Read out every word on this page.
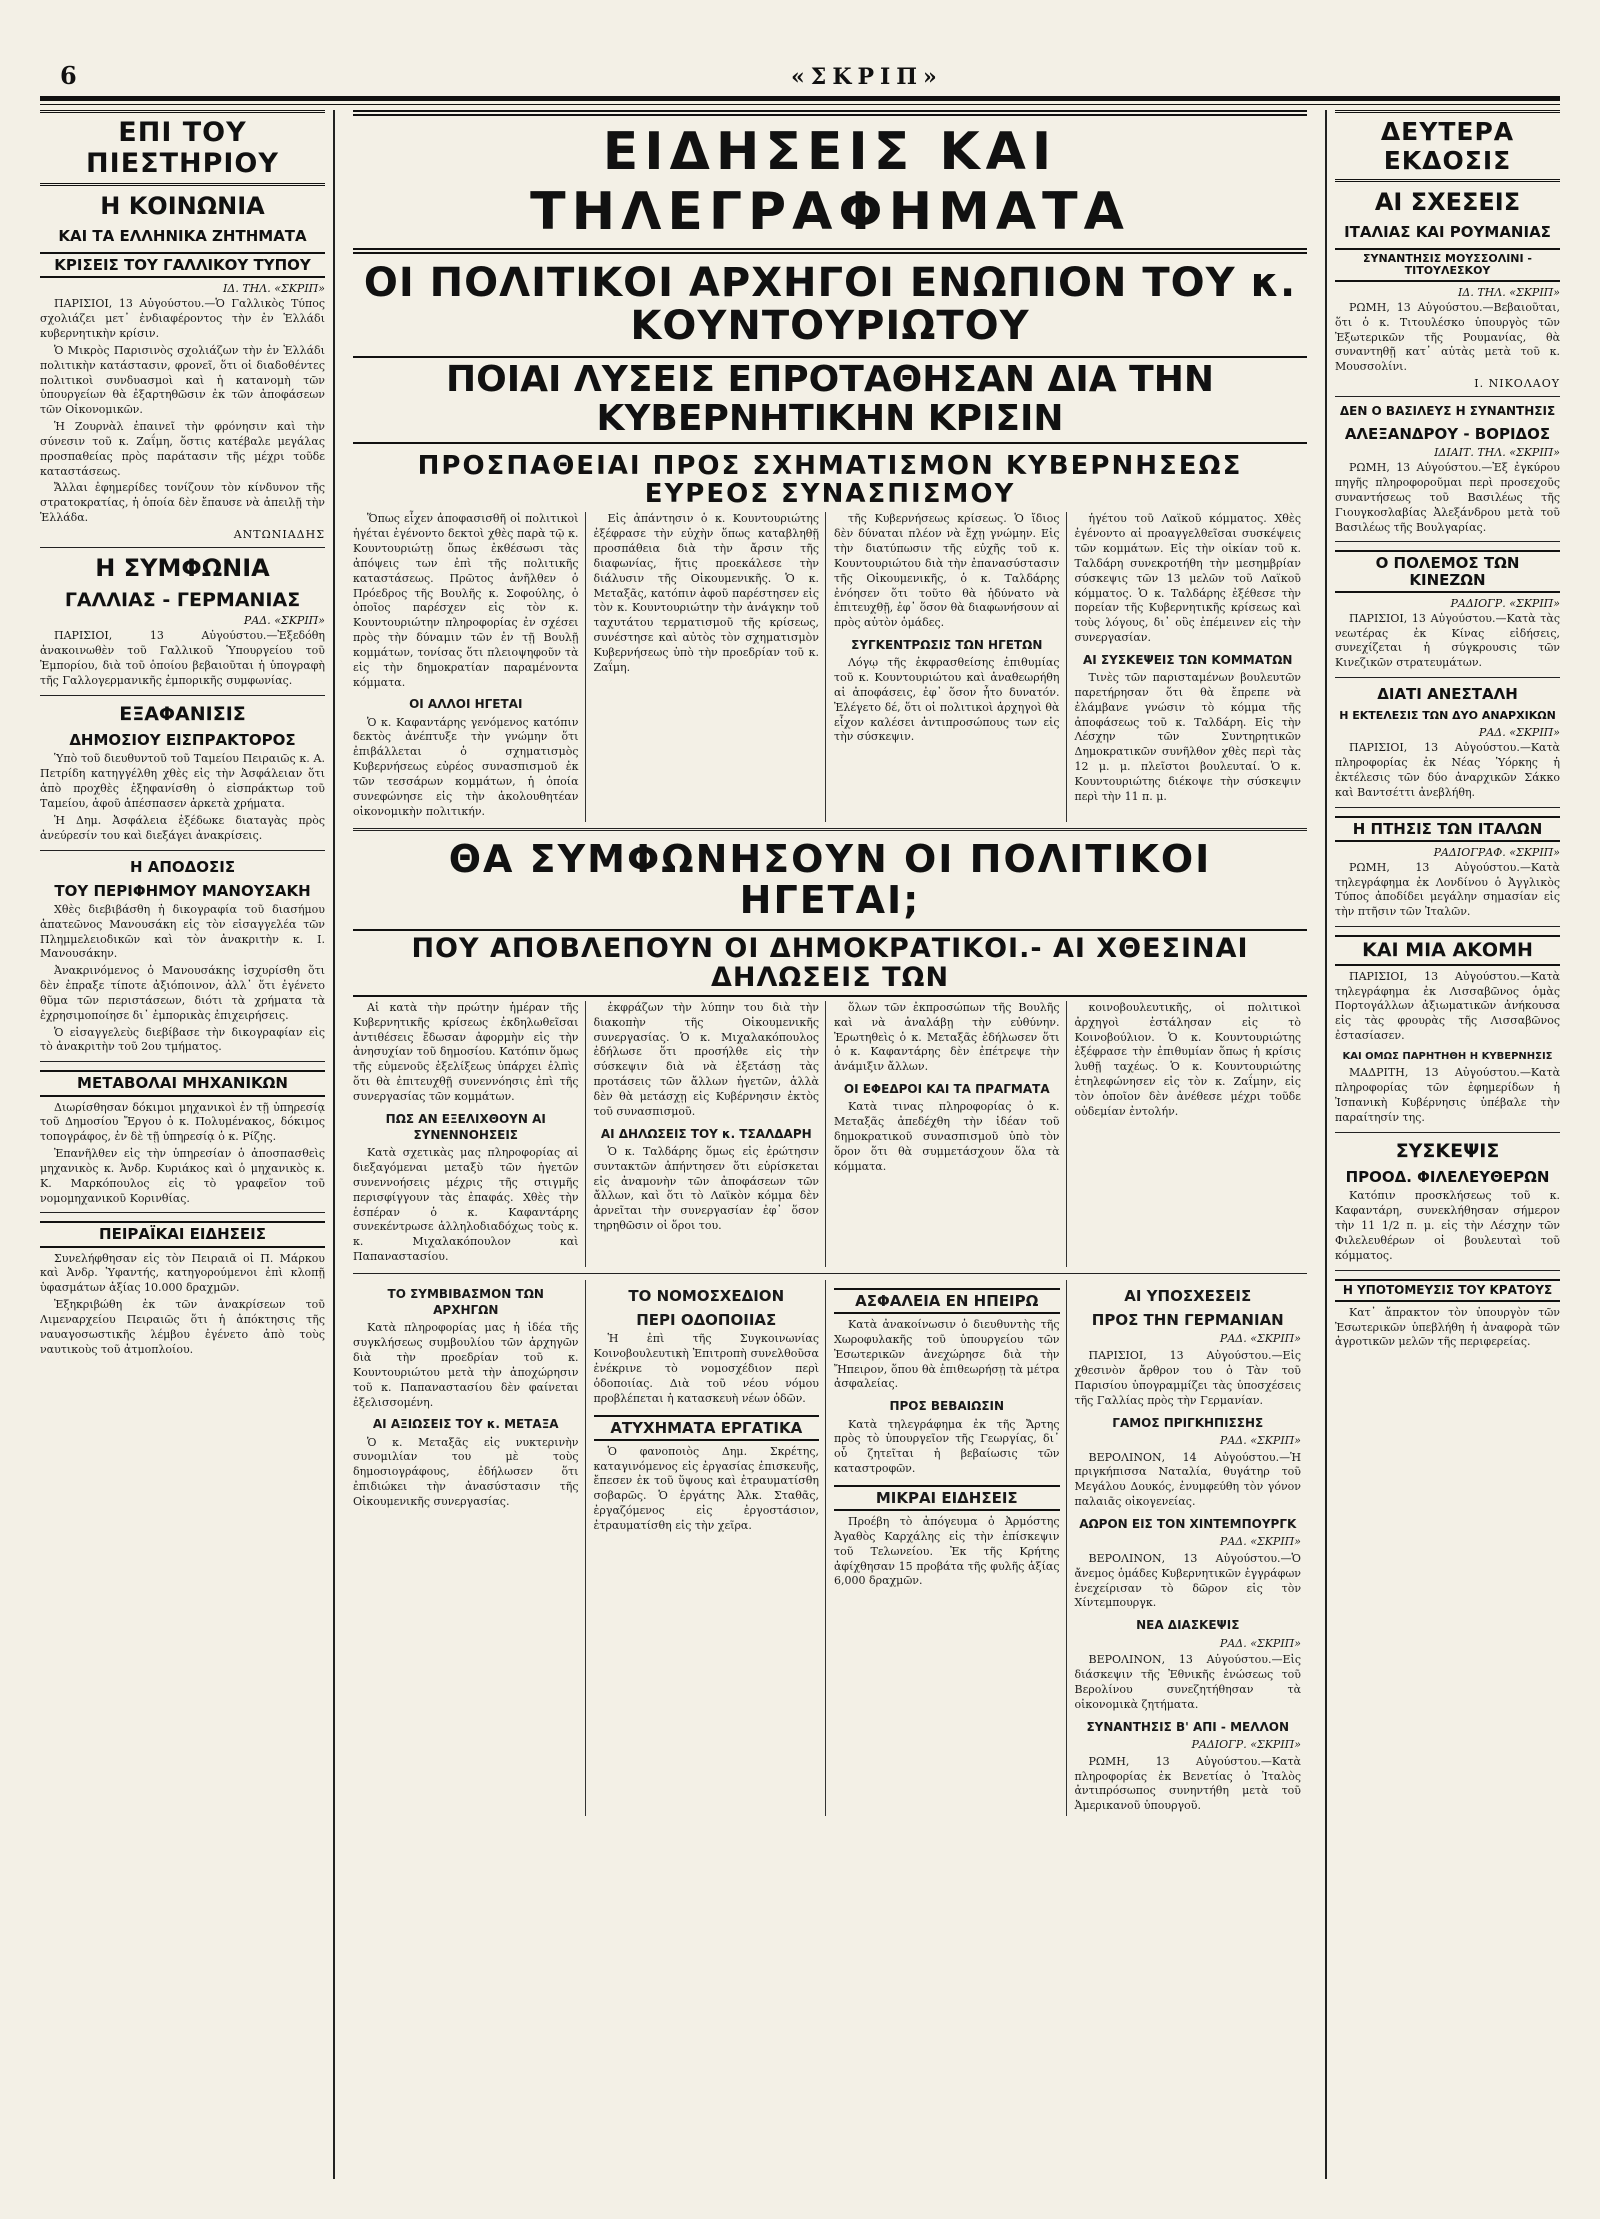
6	«ΣΚΡΙΠ»
ΕΠΙ ΤΟΥ ΠΙΕΣΤΗΡΙΟΥ
Η ΚΟΙΝΩΝΙΑ
ΚΑΙ ΤΑ ΕΛΛΗΝΙΚΑ ΖΗΤΗΜΑΤΑ
ΚΡΙΣΕΙΣ ΤΟΥ ΓΑΛΛΙΚΟΥ ΤΥΠΟΥ
ΙΔ. ΤΗΛ. «ΣΚΡΙΠ»

ΠΑΡΙΣΙΟΙ, 13 Αὐγούστου.—Ὁ Γαλλικὸς Τύπος σχολιάζει μετ᾽ ἐνδιαφέροντος τὴν ἐν Ἑλλάδι κυβερνητικὴν κρίσιν.

Ὁ Μικρὸς Παρισινὸς σχολιάζων τὴν ἐν Ἑλλάδι πολιτικὴν κατάστασιν, φρονεῖ, ὅτι οἱ διαδοθέντες πολιτικοὶ συνδυασμοὶ καὶ ἡ κατανομὴ τῶν ὑπουργείων θὰ ἐξαρτηθῶσιν ἐκ τῶν ἀποφάσεων τῶν Οἰκονομικῶν.

Ἡ Ζουρνὰλ ἐπαινεῖ τὴν φρόνησιν καὶ τὴν σύνεσιν τοῦ κ. Ζαΐμη, ὅστις κατέβαλε μεγάλας προσπαθείας πρὸς παράτασιν τῆς μέχρι τοῦδε καταστάσεως.

Ἄλλαι ἐφημερίδες τονίζουν τὸν κίνδυνον τῆς στρατοκρατίας, ἡ ὁποία δὲν ἔπαυσε νὰ ἀπειλῇ τὴν Ἑλλάδα.

ΑΝΤΩΝΙΑΔΗΣ
Η ΣΥΜΦΩΝΙΑ
ΓΑΛΛΙΑΣ - ΓΕΡΜΑΝΙΑΣ
ΡΑΔ. «ΣΚΡΙΠ»

ΠΑΡΙΣΙΟΙ, 13 Αὐγούστου.—Ἐξεδόθη ἀνακοινωθὲν τοῦ Γαλλικοῦ Ὑπουργείου τοῦ Ἐμπορίου, διὰ τοῦ ὁποίου βεβαιοῦται ἡ ὑπογραφὴ τῆς Γαλλογερμανικῆς ἐμπορικῆς συμφωνίας.

ΕΞΑΦΑΝΙΣΙΣ
ΔΗΜΟΣΙΟΥ ΕΙΣΠΡΑΚΤΟΡΟΣ

Ὑπὸ τοῦ διευθυντοῦ τοῦ Ταμείου Πειραιῶς κ. Α. Πετρίδη κατηγγέλθη χθὲς εἰς τὴν Ἀσφάλειαν ὅτι ἀπὸ προχθὲς ἐξηφανίσθη ὁ εἰσπράκτωρ τοῦ Ταμείου, ἀφοῦ ἀπέσπασεν ἀρκετὰ χρήματα.

Ἡ Δημ. Ἀσφάλεια ἐξέδωκε διαταγὰς πρὸς ἀνεύρεσίν του καὶ διεξάγει ἀνακρίσεις.

Η ΑΠΟΔΟΣΙΣ
ΤΟΥ ΠΕΡΙΦΗΜΟΥ ΜΑΝΟΥΣΑΚΗ

Χθὲς διεβιβάσθη ἡ δικογραφία τοῦ διασήμου ἀπατεῶνος Μανουσάκη εἰς τὸν εἰσαγγελέα τῶν Πλημμελειοδικῶν καὶ τὸν ἀνακριτὴν κ. Ι. Μανουσάκην.

Ἀνακρινόμενος ὁ Μανουσάκης ἰσχυρίσθη ὅτι δὲν ἐπραξε τίποτε ἀξιόποινον, ἀλλ᾽ ὅτι ἐγένετο θῦμα τῶν περιστάσεων, διότι τὰ χρήματα τὰ ἐχρησιμοποίησε δι᾽ ἐμπορικὰς ἐπιχειρήσεις.

Ὁ εἰσαγγελεὺς διεβίβασε τὴν δικογραφίαν εἰς τὸ ἀνακριτὴν τοῦ 2ου τμήματος.

ΜΕΤΑΒΟΛΑΙ ΜΗΧΑΝΙΚΩΝ

Διωρίσθησαν δόκιμοι μηχανικοὶ ἐν τῇ ὑπηρεσίᾳ τοῦ Δημοσίου Ἔργου ὁ κ. Πολυμένακος, δόκιμος τοπογράφος, ἐν δὲ τῇ ὑπηρεσίᾳ ὁ κ. Ρίζης.

Ἐπανῆλθεν εἰς τὴν ὑπηρεσίαν ὁ ἀποσπασθεὶς μηχανικὸς κ. Ἀνδρ. Κυριάκος καὶ ὁ μηχανικὸς κ. Κ. Μαρκόπουλος εἰς τὸ γραφεῖον τοῦ νομομηχανικοῦ Κορινθίας.

ΠΕΙΡΑΪΚΑΙ ΕΙΔΗΣΕΙΣ

Συνελήφθησαν εἰς τὸν Πειραιᾶ οἱ Π. Μάρκου καὶ Ἀνδρ. Ὑφαντής, κατηγορούμενοι ἐπὶ κλοπῇ ὑφασμάτων ἀξίας 10.000 δραχμῶν.

Ἐξηκριβώθη ἐκ τῶν ἀνακρίσεων τοῦ Λιμεναρχείου Πειραιῶς ὅτι ἡ ἀπόκτησις τῆς ναυαγοσωστικῆς λέμβου ἐγένετο ἀπὸ τοὺς ναυτικοὺς τοῦ ἀτμοπλοίου.

ΕΙΔΗΣΕΙΣ ΚΑΙ ΤΗΛΕΓΡΑΦΗΜΑΤΑ
ΟΙ ΠΟΛΙΤΙΚΟΙ ΑΡΧΗΓΟΙ ΕΝΩΠΙΟΝ ΤΟΥ κ. ΚΟΥΝΤΟΥΡΙΩΤΟΥ
ΠΟΙΑΙ ΛΥΣΕΙΣ ΕΠΡΟΤΑΘΗΣΑΝ ΔΙΑ ΤΗΝ ΚΥΒΕΡΝΗΤΙΚΗΝ ΚΡΙΣΙΝ
ΠΡΟΣΠΑΘΕΙΑΙ ΠΡΟΣ ΣΧΗΜΑΤΙΣΜΟΝ ΚΥΒΕΡΝΗΣΕΩΣ ΕΥΡΕΟΣ ΣΥΝΑΣΠΙΣΜΟΥ

Ὅπως εἶχεν ἀποφασισθῆ οἱ πολιτικοὶ ἡγέται ἐγένοντο δεκτοὶ χθὲς παρὰ τῷ κ. Κουντουριώτῃ ὅπως ἐκθέσωσι τὰς ἀπόψεις των ἐπὶ τῆς πολιτικῆς καταστάσεως. Πρῶτος ἀνῆλθεν ὁ Πρόεδρος τῆς Βουλῆς κ. Σοφούλης, ὁ ὁποῖος παρέσχεν εἰς τὸν κ. Κουντουριώτην πληροφορίας ἐν σχέσει πρὸς τὴν δύναμιν τῶν ἐν τῇ Βουλῇ κομμάτων, τονίσας ὅτι πλειοψηφοῦν τὰ εἰς τὴν δημοκρατίαν παραμένοντα κόμματα.

ΟΙ ΑΛΛΟΙ ΗΓΕΤΑΙ

Ὁ κ. Καφαντάρης γενόμενος κατόπιν δεκτὸς ἀνέπτυξε τὴν γνώμην ὅτι ἐπιβάλλεται ὁ σχηματισμὸς Κυβερνήσεως εὐρέος συνασπισμοῦ ἐκ τῶν τεσσάρων κομμάτων, ἡ ὁποία συνεφώνησε εἰς τὴν ἀκολουθητέαν οἰκονομικὴν πολιτικήν.

Εἰς ἀπάντησιν ὁ κ. Κουντουριώτης ἐξέφρασε τὴν εὐχὴν ὅπως καταβληθῇ προσπάθεια διὰ τὴν ἄρσιν τῆς διαφωνίας, ἥτις προεκάλεσε τὴν διάλυσιν τῆς Οἰκουμενικῆς. Ὁ κ. Μεταξᾶς, κατόπιν ἀφοῦ παρέστησεν εἰς τὸν κ. Κουντουριώτην τὴν ἀνάγκην τοῦ ταχυτάτου τερματισμοῦ τῆς κρίσεως, συνέστησε καὶ αὐτὸς τὸν σχηματισμὸν Κυβερνήσεως ὑπὸ τὴν προεδρίαν τοῦ κ. Ζαΐμη.

τῆς Κυβερνήσεως κρίσεως. Ὁ ἴδιος δὲν δύναται πλέον νὰ ἔχῃ γνώμην. Εἰς τὴν διατύπωσιν τῆς εὐχῆς τοῦ κ. Κουντουριώτου διὰ τὴν ἐπανασύστασιν τῆς Οἰκουμενικῆς, ὁ κ. Ταλδάρης ἐνόησεν ὅτι τοῦτο θὰ ἠδύνατο νὰ ἐπιτευχθῇ, ἐφ᾽ ὅσον θὰ διαφωνήσουν αἱ πρὸς αὐτὸν ὁμάδες.

ΣΥΓΚΕΝΤΡΩΣΙΣ ΤΩΝ ΗΓΕΤΩΝ

Λόγῳ τῆς ἐκφρασθείσης ἐπιθυμίας τοῦ κ. Κουντουριώτου καὶ ἀναθεωρήθη αἱ ἀποφάσεις, ἐφ᾽ ὅσον ἦτο δυνατόν. Ἐλέγετο δέ, ὅτι οἱ πολιτικοὶ ἀρχηγοὶ θὰ εἶχον καλέσει ἀντιπροσώπους των εἰς τὴν σύσκεψιν.

ἡγέτου τοῦ Λαϊκοῦ κόμματος. Χθὲς ἐγένοντο αἱ προαγγελθεῖσαι συσκέψεις τῶν κομμάτων. Εἰς τὴν οἰκίαν τοῦ κ. Ταλδάρη συνεκροτήθη τὴν μεσημβρίαν σύσκεψις τῶν 13 μελῶν τοῦ Λαϊκοῦ κόμματος. Ὁ κ. Ταλδάρης ἐξέθεσε τὴν πορείαν τῆς Κυβερνητικῆς κρίσεως καὶ τοὺς λόγους, δι᾽ οὓς ἐπέμεινεν εἰς τὴν συνεργασίαν.

ΑΙ ΣΥΣΚΕΨΕΙΣ ΤΩΝ ΚΟΜΜΑΤΩΝ

Τινὲς τῶν παρισταμένων βουλευτῶν παρετήρησαν ὅτι θὰ ἔπρεπε νὰ ἐλάμβανε γνώσιν τὸ κόμμα τῆς ἀποφάσεως τοῦ κ. Ταλδάρη. Εἰς τὴν Λέσχην τῶν Συντηρητικῶν Δημοκρατικῶν συνῆλθον χθὲς περὶ τὰς 12 μ. μ. πλεῖστοι βουλευταί. Ὁ κ. Κουντουριώτης διέκοψε τὴν σύσκεψιν περὶ τὴν 11 π. μ.

ΘΑ ΣΥΜΦΩΝΗΣΟΥΝ ΟΙ ΠΟΛΙΤΙΚΟΙ ΗΓΕΤΑΙ;
ΠΟΥ ΑΠΟΒΛΕΠΟΥΝ ΟΙ ΔΗΜΟΚΡΑΤΙΚΟΙ.- ΑΙ ΧΘΕΣΙΝΑΙ ΔΗΛΩΣΕΙΣ ΤΩΝ

Αἱ κατὰ τὴν πρώτην ἡμέραν τῆς Κυβερνητικῆς κρίσεως ἐκδηλωθεῖσαι ἀντιθέσεις ἔδωσαν ἀφορμὴν εἰς τὴν ἀνησυχίαν τοῦ δημοσίου. Κατόπιν ὅμως τῆς εὐμενοῦς ἐξελίξεως ὑπάρχει ἐλπὶς ὅτι θὰ ἐπιτευχθῇ συνεννόησις ἐπὶ τῆς συνεργασίας τῶν κομμάτων.

ΠΩΣ ΑΝ ΕΞΕΛΙΧΘΟΥΝ ΑΙ ΣΥΝΕΝΝΟΗΣΕΙΣ

Κατὰ σχετικὰς μας πληροφορίας αἱ διεξαγόμεναι μεταξὺ τῶν ἡγετῶν συνεννοήσεις μέχρις τῆς στιγμῆς περισφίγγουν τὰς ἐπαφάς. Χθὲς τὴν ἑσπέραν ὁ κ. Καφαντάρης συνεκέντρωσε ἀλληλοδιαδόχως τοὺς κ. κ. Μιχαλακόπουλον καὶ Παπαναστασίου.

ἐκφράζων τὴν λύπην του διὰ τὴν διακοπὴν τῆς Οἰκουμενικῆς συνεργασίας. Ὁ κ. Μιχαλακόπουλος ἐδήλωσε ὅτι προσήλθε εἰς τὴν σύσκεψιν διὰ νὰ ἐξετάσῃ τὰς προτάσεις τῶν ἄλλων ἡγετῶν, ἀλλὰ δὲν θὰ μετάσχῃ εἰς Κυβέρνησιν ἐκτὸς τοῦ συνασπισμοῦ.

ΑΙ ΔΗΛΩΣΕΙΣ ΤΟΥ κ. ΤΣΑΛΔΑΡΗ

Ὁ κ. Ταλδάρης ὅμως εἰς ἐρώτησιν συντακτῶν ἀπήντησεν ὅτι εὑρίσκεται εἰς ἀναμονὴν τῶν ἀποφάσεων τῶν ἄλλων, καὶ ὅτι τὸ Λαϊκὸν κόμμα δὲν ἀρνεῖται τὴν συνεργασίαν ἐφ᾽ ὅσον τηρηθῶσιν οἱ ὅροι του.

ὅλων τῶν ἐκπροσώπων τῆς Βουλῆς καὶ νὰ ἀναλάβῃ τὴν εὐθύνην. Ἐρωτηθεὶς ὁ κ. Μεταξᾶς ἐδήλωσεν ὅτι ὁ κ. Καφαντάρης δὲν ἐπέτρεψε τὴν ἀνάμιξιν ἄλλων.

ΟΙ ΕΦΕΔΡΟΙ ΚΑΙ ΤΑ ΠΡΑΓΜΑΤΑ

Κατὰ τινας πληροφορίας ὁ κ. Μεταξᾶς ἀπεδέχθη τὴν ἰδέαν τοῦ δημοκρατικοῦ συνασπισμοῦ ὑπὸ τὸν ὅρον ὅτι θὰ συμμετάσχουν ὅλα τὰ κόμματα.

κοινοβουλευτικῆς, οἱ πολιτικοὶ ἀρχηγοὶ ἐστάλησαν εἰς τὸ Κοινοβούλιον. Ὁ κ. Κουντουριώτης ἐξέφρασε τὴν ἐπιθυμίαν ὅπως ἡ κρίσις λυθῇ ταχέως. Ὁ κ. Κουντουριώτης ἐτηλεφώνησεν εἰς τὸν κ. Ζαΐμην, εἰς τὸν ὁποῖον δὲν ἀνέθεσε μέχρι τοῦδε οὐδεμίαν ἐντολήν.

ΤΟ ΣΥΜΒΙΒΑΣΜΟΝ ΤΩΝ ΑΡΧΗΓΩΝ

Κατὰ πληροφορίας μας ἡ ἰδέα τῆς συγκλήσεως συμβουλίου τῶν ἀρχηγῶν διὰ τὴν προεδρίαν τοῦ κ. Κουντουριώτου μετὰ τὴν ἀποχώρησιν τοῦ κ. Παπαναστασίου δὲν φαίνεται ἐξελισσομένη.

ΑΙ ΑΞΙΩΣΕΙΣ ΤΟΥ κ. ΜΕΤΑΞΑ

Ὁ κ. Μεταξᾶς εἰς νυκτερινὴν συνομιλίαν του μὲ τοὺς δημοσιογράφους, ἐδήλωσεν ὅτι ἐπιδιώκει τὴν ἀνασύστασιν τῆς Οἰκουμενικῆς συνεργασίας.

ΤΟ ΝΟΜΟΣΧΕΔΙΟΝ
ΠΕΡΙ ΟΔΟΠΟΙΙΑΣ

Ἡ ἐπὶ τῆς Συγκοινωνίας Κοινοβουλευτικὴ Ἐπιτροπὴ συνελθοῦσα ἐνέκρινε τὸ νομοσχέδιον περὶ ὁδοποιίας. Διὰ τοῦ νέου νόμου προβλέπεται ἡ κατασκευὴ νέων ὁδῶν.

ΑΤΥΧΗΜΑΤΑ ΕΡΓΑΤΙΚΑ

Ὁ φανοποιὸς Δημ. Σκρέτης, καταγινόμενος εἰς ἐργασίας ἐπισκευῆς, ἔπεσεν ἐκ τοῦ ὕψους καὶ ἐτραυματίσθη σοβαρῶς. Ὁ ἐργάτης Ἀλκ. Σταθᾶς, ἐργαζόμενος εἰς ἐργοστάσιον, ἐτραυματίσθη εἰς τὴν χεῖρα.

ΑΣΦΑΛΕΙΑ ΕΝ ΗΠΕΙΡΩ

Κατὰ ἀνακοίνωσιν ὁ διευθυντὴς τῆς Χωροφυλακῆς τοῦ ὑπουργείου τῶν Ἐσωτερικῶν ἀνεχώρησε διὰ τὴν Ἤπειρον, ὅπου θὰ ἐπιθεωρήσῃ τὰ μέτρα ἀσφαλείας.

ΠΡΟΣ ΒΕΒΑΙΩΣΙΝ

Κατὰ τηλεγράφημα ἐκ τῆς Ἄρτης πρὸς τὸ ὑπουργεῖον τῆς Γεωργίας, δι᾽ οὗ ζητεῖται ἡ βεβαίωσις τῶν καταστροφῶν.

ΜΙΚΡΑΙ ΕΙΔΗΣΕΙΣ

Προέβη τὸ ἀπόγευμα ὁ Ἀρμόστης Ἀγαθὸς Καρχάλης εἰς τὴν ἐπίσκεψιν τοῦ Τελωνείου. Ἐκ τῆς Κρήτης ἀφίχθησαν 15 προβάτα τῆς φυλῆς ἀξίας 6,000 δραχμῶν.

ΑΙ ΥΠΟΣΧΕΣΕΙΣ
ΠΡΟΣ ΤΗΝ ΓΕΡΜΑΝΙΑΝ
ΡΑΔ. «ΣΚΡΙΠ»

ΠΑΡΙΣΙΟΙ, 13 Αὐγούστου.—Εἰς χθεσινὸν ἄρθρον του ὁ Τὰν τοῦ Παρισίου ὑπογραμμίζει τὰς ὑποσχέσεις τῆς Γαλλίας πρὸς τὴν Γερμανίαν.

ΓΑΜΟΣ ΠΡΙΓΚΗΠΙΣΣΗΣ
ΡΑΔ. «ΣΚΡΙΠ»

ΒΕΡΟΛΙΝΟΝ, 14 Αὐγούστου.—Ἡ πριγκήπισσα Ναταλία, θυγάτηρ τοῦ Μεγάλου Δουκός, ἐνυμφεύθη τὸν γόνον παλαιᾶς οἰκογενείας.

ΑΩΡΟΝ ΕΙΣ ΤΟΝ ΧΙΝΤΕΜΠΟΥΡΓΚ
ΡΑΔ. «ΣΚΡΙΠ»

ΒΕΡΟΛΙΝΟΝ, 13 Αὐγούστου.—Ὁ ἄνεμος ὁμάδες Κυβερνητικῶν ἐγγράφων ἐνεχείρισαν τὸ δῶρον εἰς τὸν Χίντεμπουργκ.

ΝΕΑ ΔΙΑΣΚΕΨΙΣ
ΡΑΔ. «ΣΚΡΙΠ»

ΒΕΡΟΛΙΝΟΝ, 13 Αὐγούστου.—Εἰς διάσκεψιν τῆς Ἐθνικῆς ἑνώσεως τοῦ Βερολίνου συνεζητήθησαν τὰ οἰκονομικὰ ζητήματα.

ΣΥΝΑΝΤΗΣΙΣ Β' ΑΠΙ - ΜΕΛΛΟΝ
ΡΑΔΙΟΓΡ. «ΣΚΡΙΠ»

ΡΩΜΗ, 13 Αὐγούστου.—Κατὰ πληροφορίας ἐκ Βενετίας ὁ Ἰταλὸς ἀντιπρόσωπος συνηντήθη μετὰ τοῦ Ἀμερικανοῦ ὑπουργοῦ.

ΔΕΥΤΕΡΑ ΕΚΔΟΣΙΣ
ΑΙ ΣΧΕΣΕΙΣ
ΙΤΑΛΙΑΣ ΚΑΙ ΡΟΥΜΑΝΙΑΣ
ΣΥΝΑΝΤΗΣΙΣ ΜΟΥΣΣΟΛΙΝΙ - ΤΙΤΟΥΛΕΣΚΟΥ
ΙΔ. ΤΗΛ. «ΣΚΡΙΠ»

ΡΩΜΗ, 13 Αὐγούστου.—Βεβαιοῦται, ὅτι ὁ κ. Τιτουλέσκο ὑπουργὸς τῶν Ἐξωτερικῶν τῆς Ρουμανίας, θὰ συναντηθῇ κατ᾽ αὐτὰς μετὰ τοῦ κ. Μουσσολίνι.

Ι. ΝΙΚΟΛΑΟΥ
ΔΕΝ Ο ΒΑΣΙΛΕΥΣ Η ΣΥΝΑΝΤΗΣΙΣ
ΑΛΕΞΑΝΔΡΟΥ - ΒΟΡΙΔΟΣ
ΙΔΙΑΙΤ. ΤΗΛ. «ΣΚΡΙΠ»

ΡΩΜΗ, 13 Αὐγούστου.—Ἐξ ἐγκύρου πηγῆς πληροφοροῦμαι περὶ προσεχοῦς συναντήσεως τοῦ Βασιλέως τῆς Γιουγκοσλαβίας Ἀλεξάνδρου μετὰ τοῦ Βασιλέως τῆς Βουλγαρίας.

Ο ΠΟΛΕΜΟΣ ΤΩΝ ΚΙΝΕΖΩΝ
ΡΑΔΙΟΓΡ. «ΣΚΡΙΠ»

ΠΑΡΙΣΙΟΙ, 13 Αὐγούστου.—Κατὰ τὰς νεωτέρας ἐκ Κίνας εἰδήσεις, συνεχίζεται ἡ σύγκρουσις τῶν Κινεζικῶν στρατευμάτων.

ΔΙΑΤΙ ΑΝΕΣΤΑΛΗ
Η ΕΚΤΕΛΕΣΙΣ ΤΩΝ ΔΥΟ ΑΝΑΡΧΙΚΩΝ
ΡΑΔ. «ΣΚΡΙΠ»

ΠΑΡΙΣΙΟΙ, 13 Αὐγούστου.—Κατὰ πληροφορίας ἐκ Νέας Ὑόρκης ἡ ἐκτέλεσις τῶν δύο ἀναρχικῶν Σάκκο καὶ Βαντσέττι ἀνεβλήθη.

Η ΠΤΗΣΙΣ ΤΩΝ ΙΤΑΛΩΝ
ΡΑΔΙΟΓΡΑΦ. «ΣΚΡΙΠ»

ΡΩΜΗ, 13 Αὐγούστου.—Κατὰ τηλεγράφημα ἐκ Λονδίνου ὁ Ἀγγλικὸς Τύπος ἀποδίδει μεγάλην σημασίαν εἰς τὴν πτῆσιν τῶν Ἰταλῶν.

ΚΑΙ ΜΙΑ ΑΚΟΜΗ

ΠΑΡΙΣΙΟΙ, 13 Αὐγούστου.—Κατὰ τηλεγράφημα ἐκ Λισσαβῶνος ὁμὰς Πορτογάλλων ἀξιωματικῶν ἀνήκουσα εἰς τὰς φρουρὰς τῆς Λισσαβῶνος ἐστασίασεν.

ΚΑΙ ΟΜΩΣ ΠΑΡΗΤΗΘΗ Η ΚΥΒΕΡΝΗΣΙΣ

ΜΑΔΡΙΤΗ, 13 Αὐγούστου.—Κατὰ πληροφορίας τῶν ἐφημερίδων ἡ Ἰσπανικὴ Κυβέρνησις ὑπέβαλε τὴν παραίτησίν της.

ΣΥΣΚΕΨΙΣ
ΠΡΟΟΔ. ΦΙΛΕΛΕΥΘΕΡΩΝ

Κατόπιν προσκλήσεως τοῦ κ. Καφαντάρη, συνεκλήθησαν σήμερον τὴν 11 1/2 π. μ. εἰς τὴν Λέσχην τῶν Φιλελευθέρων οἱ βουλευταὶ τοῦ κόμματος.

Η ΥΠΟΤΟΜΕΥΣΙΣ ΤΟΥ ΚΡΑΤΟΥΣ

Κατ᾽ ἄπρακτον τὸν ὑπουργὸν τῶν Ἐσωτερικῶν ὑπεβλήθη ἡ ἀναφορὰ τῶν ἀγροτικῶν μελῶν τῆς περιφερείας.
